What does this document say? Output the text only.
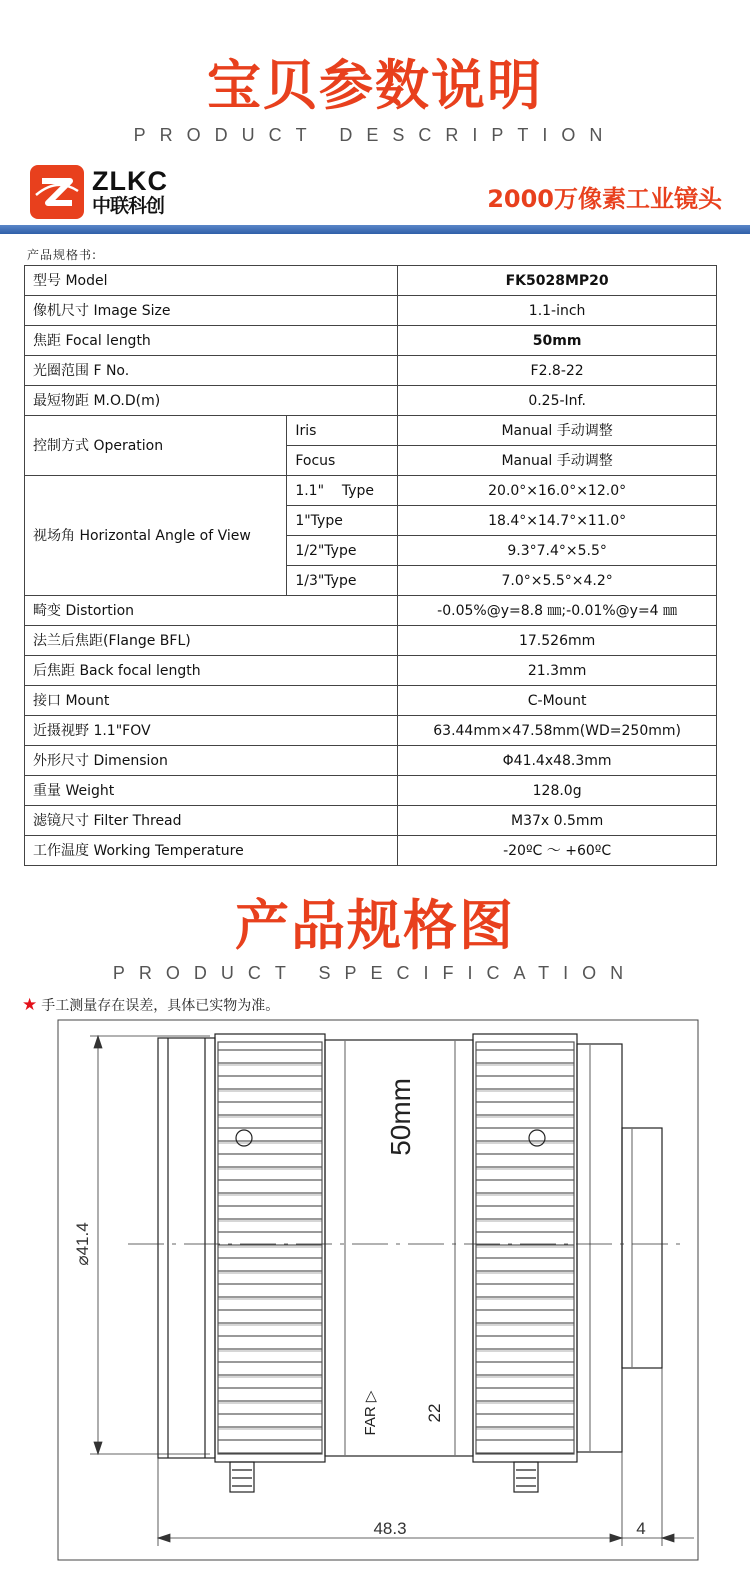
宝贝参数说明
PRODUCT DESCRIPTION
ZLKC
中联科创	2000万像素工业镜头
产品规格书:
型号 Model		FK5028MP20
像机尺寸 Image Size		1.1-inch
焦距 Focal length		50mm
光圈范围 F No.		F2.8-22
最短物距 M.O.D(m)		0.25-Inf.
控制方式 Operation	Iris	Manual 手动调整
	Focus	Manual 手动调整
视场角 Horizontal Angle of View	1.1"    Type	20.0°×16.0°×12.0°
	1"Type	18.4°×14.7°×11.0°
	1/2"Type	9.3°7.4°×5.5°
	1/3"Type	7.0°×5.5°×4.2°
畸变 Distortion		-0.05%@y=8.8 ㎜;-0.01%@y=4 ㎜
法兰后焦距(Flange BFL)		17.526mm
后焦距 Back focal length		21.3mm
接口 Mount		C-Mount
近摄视野 1.1"FOV		63.44mm×47.58mm(WD=250mm)
外形尺寸 Dimension		Φ41.4x48.3mm
重量 Weight		128.0g
滤镜尺寸 Filter Thread		M37x 0.5mm
工作温度 Working Temperature		-20ºC ～ +60ºC
产品规格图
PRODUCT SPECIFICATION
★ 手工测量存在误差，具体已实物为准。
50mm
FAR ▷	22
⌀41.4
48.3	4
